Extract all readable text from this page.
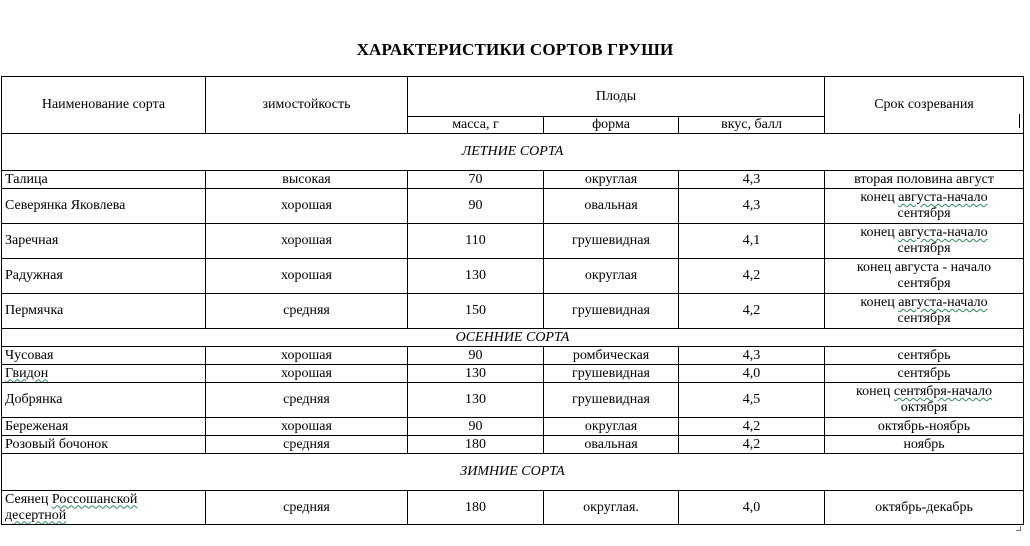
ХАРАКТЕРИСТИКИ СОРТОВ ГРУШИ
Наименование сорта	зимостойкость	Плоды			Срок созревания
		масса, г	форма	вкус, балл	
ЛЕТНИЕ СОРТА					
Талица	высокая	70	округлая	4,3	вторая половина август
Северянка Яковлева	хорошая	90	овальная	4,3	конец августа-начало
сентября
Заречная	хорошая	110	грушевидная	4,1	конец августа-начало
сентября
Радужная	хорошая	130	округлая	4,2	конец августа - начало
сентября
Пермячка	средняя	150	грушевидная	4,2	конец августа-начало
сентября
ОСЕННИЕ СОРТА					
Чусовая	хорошая	90	ромбическая	4,3	сентябрь
Гвидон	хорошая	130	грушевидная	4,0	сентябрь
Добрянка	средняя	130	грушевидная	4,5	конец сентября-начало
октября
Береженая	хорошая	90	округлая	4,2	октябрь-ноябрь
Розовый бочонок	средняя	180	овальная	4,2	ноябрь
ЗИМНИЕ СОРТА					
Сеянец Россошанской
десертной	средняя	180	округлая.	4,0	октябрь-декабрь
